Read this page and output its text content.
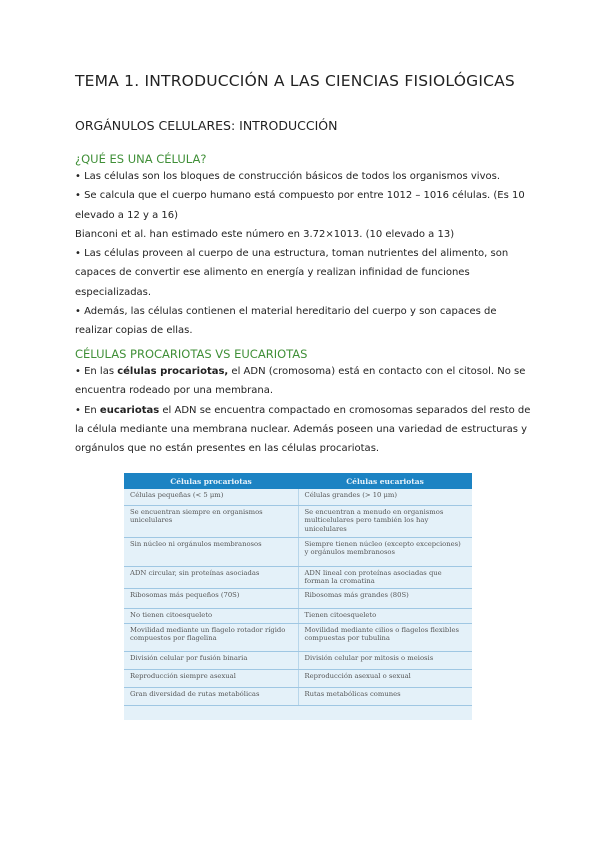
TEMA 1. INTRODUCCIÓN A LAS CIENCIAS FISIOLÓGICAS
ORGÁNULOS CELULARES: INTRODUCCIÓN
¿QUÉ ES UNA CÉLULA?

• Las células son los bloques de construcción básicos de todos los organismos vivos.

• Se calcula que el cuerpo humano está compuesto por entre 1012 – 1016 células. (Es 10 elevado a 12 y a 16)

Bianconi et al. han estimado este número en 3.72×1013. (10 elevado a 13)

• Las células proveen al cuerpo de una estructura, toman nutrientes del alimento, son capaces de convertir ese alimento en energía y realizan infinidad de funciones especializadas.

• Además, las células contienen el material hereditario del cuerpo y son capaces de realizar copias de ellas.

CÉLULAS PROCARIOTAS VS EUCARIOTAS

• En las células procariotas, el ADN (cromosoma) está en contacto con el citosol. No se encuentra rodeado por una membrana.

• En eucariotas el ADN se encuentra compactado en cromosomas separados del resto de la célula mediante una membrana nuclear. Además poseen una variedad de estructuras y orgánulos que no están presentes en las células procariotas.

Células procariotas	Células eucariotas
Células pequeñas (< 5 μm)	Células grandes (> 10 μm)
Se encuentran siempre en organismos unicelulares	Se encuentran a menudo en organismos multicelulares pero también los hay unicelulares
Sin núcleo ni orgánulos membranosos	Siempre tienen núcleo (excepto excepciones) y orgánulos membranosos
ADN circular, sin proteínas asociadas	ADN lineal con proteínas asociadas que forman la cromatina
Ribosomas más pequeños (70S)	Ribosomas más grandes (80S)
No tienen citoesqueleto	Tienen citoesqueleto
Movilidad mediante un flagelo rotador rígido compuestos por flagelina	Movilidad mediante cilios o flagelos flexibles compuestas por tubulina
División celular por fusión binaria	División celular por mitosis o meiosis
Reproducción siempre asexual	Reproducción asexual o sexual
Gran diversidad de rutas metabólicas	Rutas metabólicas comunes
